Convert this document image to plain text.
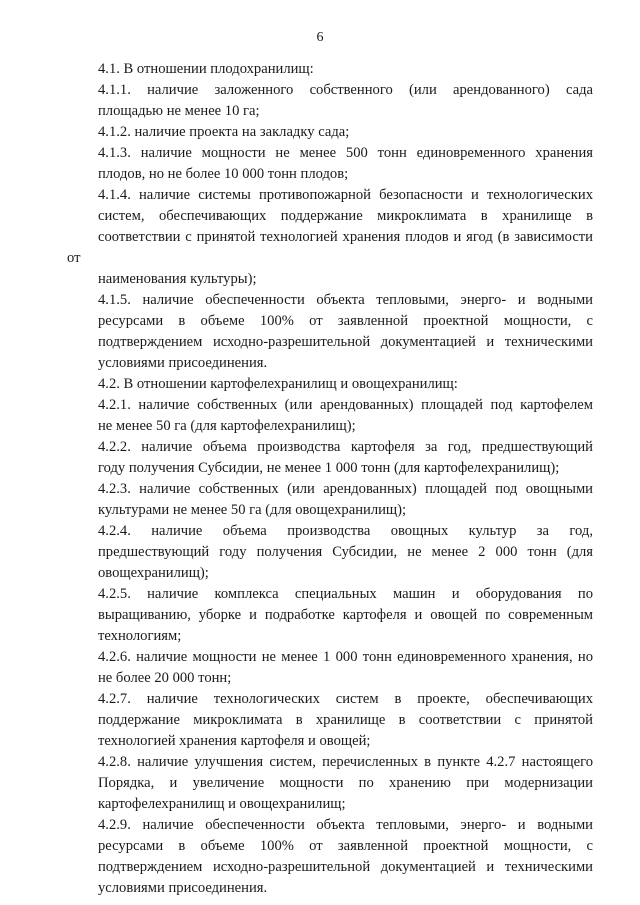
6

4.1. В отношении плодохранилищ:

4.1.1. наличие заложенного собственного (или арендованного) сада
площадью не менее 10 га;

4.1.2. наличие проекта на закладку сада;

4.1.3. наличие мощности не менее 500 тонн единовременного хранения
плодов, но не более 10 000 тонн плодов;

4.1.4. наличие системы противопожарной безопасности и технологических
систем, обеспечивающих поддержание микроклимата в хранилище в
соответствии с принятой технологией хранения плодов и ягод (в зависимости от
наименования культуры);

4.1.5. наличие обеспеченности объекта тепловыми, энерго- и водными
ресурсами в объеме 100% от заявленной проектной мощности, с
подтверждением исходно-разрешительной документацией и техническими
условиями присоединения.

4.2. В отношении картофелехранилищ и овощехранилищ:

4.2.1. наличие собственных (или арендованных) площадей под картофелем
не менее 50 га (для картофелехранилищ);

4.2.2. наличие объема производства картофеля за год, предшествующий
году получения Субсидии, не менее 1 000 тонн (для картофелехранилищ);

4.2.3. наличие собственных (или арендованных) площадей под овощными
культурами не менее 50 га (для овощехранилищ);

4.2.4. наличие объема производства овощных культур за год,
предшествующий году получения Субсидии, не менее 2 000 тонн (для
овощехранилищ);

4.2.5. наличие комплекса специальных машин и оборудования по
выращиванию, уборке и подработке картофеля и овощей по современным
технологиям;

4.2.6. наличие мощности не менее 1 000 тонн единовременного хранения, но
не более 20 000 тонн;

4.2.7. наличие технологических систем в проекте, обеспечивающих
поддержание микроклимата в хранилище в соответствии с принятой
технологией хранения картофеля и овощей;

4.2.8. наличие улучшения систем, перечисленных в пункте 4.2.7 настоящего
Порядка, и увеличение мощности по хранению при модернизации
картофелехранилищ и овощехранилищ;

4.2.9. наличие обеспеченности объекта тепловыми, энерго- и водными
ресурсами в объеме 100% от заявленной проектной мощности, с
подтверждением исходно-разрешительной документацией и техническими
условиями присоединения.
